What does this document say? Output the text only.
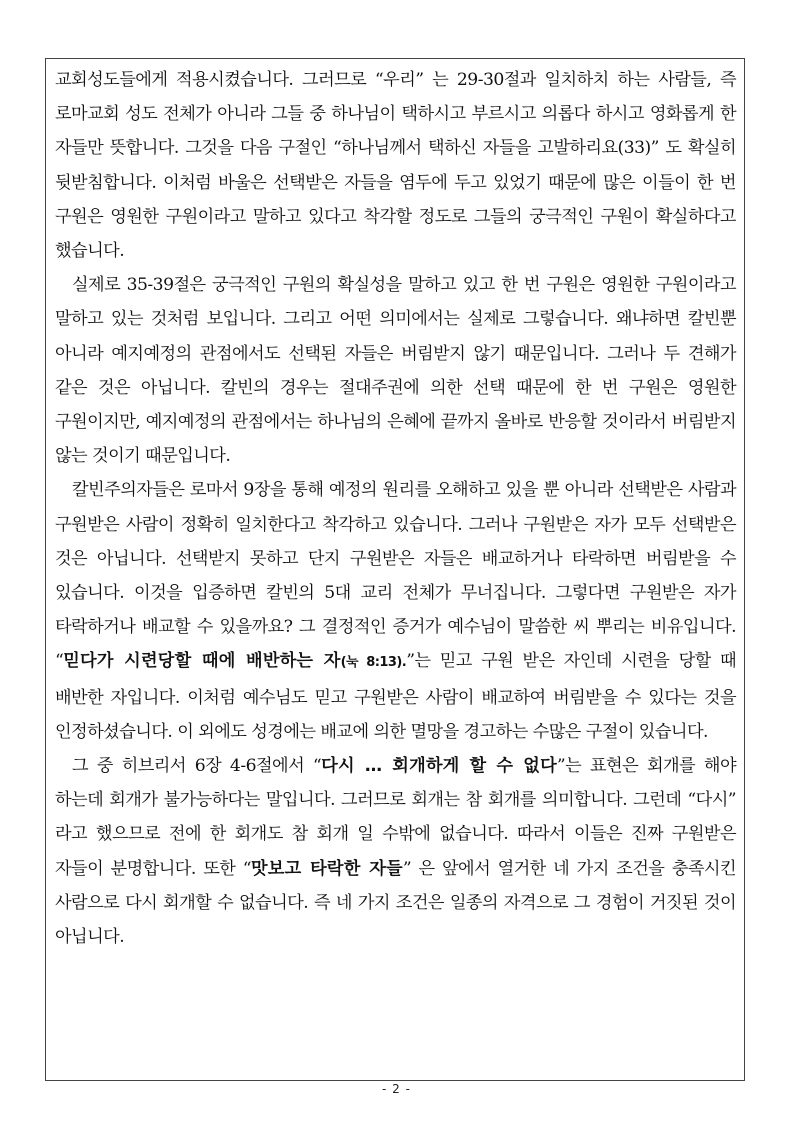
교회성도들에게 적용시켰습니다. 그러므로 “우리” 는 29-30절과 일치하치 하는 사람들, 즉 로마교회 성도 전체가 아니라 그들 중 하나님이 택하시고 부르시고 의롭다 하시고 영화롭게 한 자들만 뜻합니다. 그것을 다음 구절인 “하나님께서 택하신 자들을 고발하리요(33)” 도 확실히 뒷받침합니다. 이처럼 바울은 선택받은 자들을 염두에 두고 있었기 때문에 많은 이들이 한 번 구원은 영원한 구원이라고 말하고 있다고 착각할 정도로 그들의 궁극적인 구원이 확실하다고 했습니다.

실제로 35-39절은 궁극적인 구원의 확실성을 말하고 있고 한 번 구원은 영원한 구원이라고 말하고 있는 것처럼 보입니다. 그리고 어떤 의미에서는 실제로 그렇습니다. 왜냐하면 칼빈뿐 아니라 예지예정의 관점에서도 선택된 자들은 버림받지 않기 때문입니다. 그러나 두 견해가 같은 것은 아닙니다. 칼빈의 경우는 절대주권에 의한 선택 때문에 한 번 구원은 영원한 구원이지만, 예지예정의 관점에서는 하나님의 은혜에 끝까지 올바로 반응할 것이라서 버림받지 않는 것이기 때문입니다.

칼빈주의자들은 로마서 9장을 통해 예정의 원리를 오해하고 있을 뿐 아니라 선택받은 사람과 구원받은 사람이 정확히 일치한다고 착각하고 있습니다. 그러나 구원받은 자가 모두 선택받은 것은 아닙니다. 선택받지 못하고 단지 구원받은 자들은 배교하거나 타락하면 버림받을 수 있습니다. 이것을 입증하면 칼빈의 5대 교리 전체가 무너집니다. 그렇다면 구원받은 자가 타락하거나 배교할 수 있을까요? 그 결정적인 증거가 예수님이 말씀한 씨 뿌리는 비유입니다. “믿다가 시련당할 때에 배반하는 자(눅 8:13).”는 믿고 구원 받은 자인데 시련을 당할 때 배반한 자입니다. 이처럼 예수님도 믿고 구원받은 사람이 배교하여 버림받을 수 있다는 것을 인정하셨습니다. 이 외에도 성경에는 배교에 의한 멸망을 경고하는 수많은 구절이 있습니다.

그 중 히브리서 6장 4-6절에서 “다시 … 회개하게 할 수 없다”는 표현은 회개를 해야 하는데 회개가 불가능하다는 말입니다. 그러므로 회개는 참 회개를 의미합니다. 그런데 “다시” 라고 했으므로 전에 한 회개도 참 회개 일 수밖에 없습니다. 따라서 이들은 진짜 구원받은 자들이 분명합니다. 또한 “맛보고 타락한 자들” 은 앞에서 열거한 네 가지 조건을 충족시킨 사람으로 다시 회개할 수 없습니다. 즉 네 가지 조건은 일종의 자격으로 그 경험이 거짓된 것이 아닙니다.

- 2 -
